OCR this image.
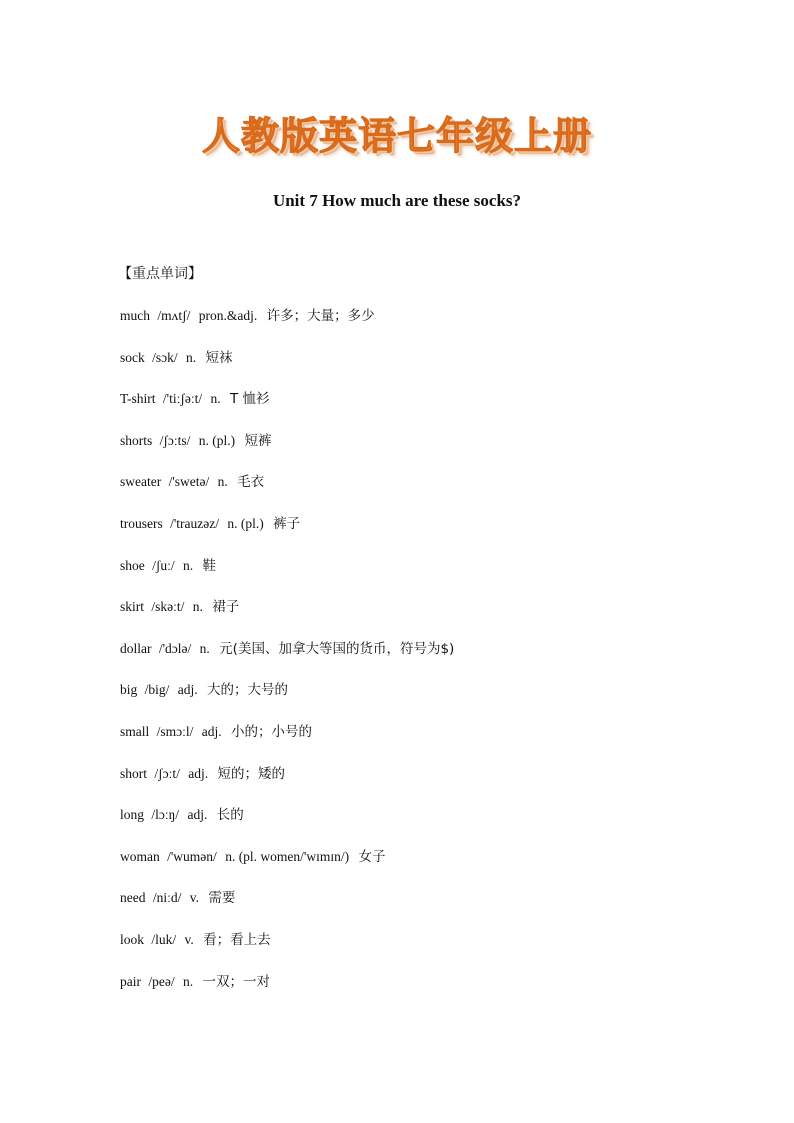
人教版英语七年级上册
Unit 7 How much are these socks?
【重点单词】
much /mʌtʃ/ pron.&adj. 许多；大量；多少
sock /sɔk/ n. 短袜
T-shirt /'tiːʃəːt/ n. T 恤衫
shorts /ʃɔːts/ n. (pl.) 短裤
sweater /'swetə/ n. 毛衣
trousers /'trauzəz/ n. (pl.) 裤子
shoe /ʃuː/ n. 鞋
skirt /skəːt/ n. 裙子
dollar /'dɔlə/ n. 元(美国、加拿大等国的货币，符号为$)
big /big/ adj. 大的；大号的
small /smɔːl/ adj. 小的；小号的
short /ʃɔːt/ adj. 短的；矮的
long /lɔːŋ/ adj. 长的
woman /'wumən/ n. (pl. women/'wɪmɪn/) 女子
need /niːd/ v. 需要
look /luk/ v. 看；看上去
pair /peə/ n. 一双；一对
